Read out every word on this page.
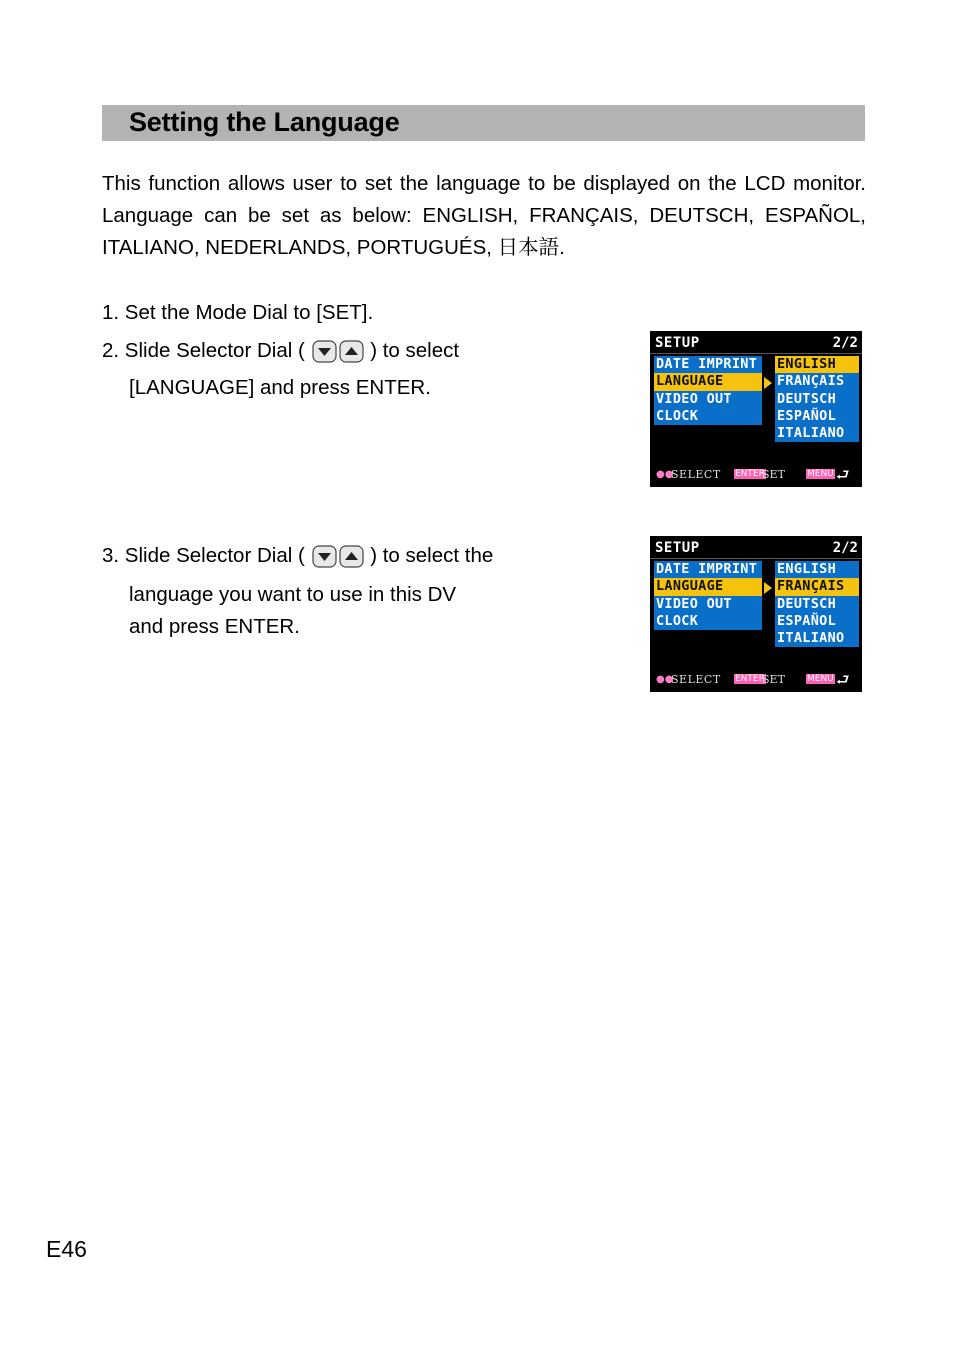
Setting the Language
This function allows user to set the language to be displayed on the LCD monitor.
Language can be set as below: ENGLISH, FRANÇAIS, DEUTSCH, ESPAÑOL,
ITALIANO, NEDERLANDS, PORTUGUÉS, 日本語.
1. Set the Mode Dial to [SET].
2. Slide Selector Dial (	) to select
[LANGUAGE] and press ENTER.
SETUP	2/2
DATE IMPRINT
LANGUAGE
VIDEO OUT
CLOCK
ENGLISH
FRANÇAIS
DEUTSCH
ESPAÑOL
ITALIANO
●●
SELECT ENTER
SET MENU ⮐
3. Slide Selector Dial (	) to select the
language you want to use in this DV
and press ENTER.
SETUP	2/2
DATE IMPRINT
LANGUAGE
VIDEO OUT
CLOCK
ENGLISH
FRANÇAIS
DEUTSCH
ESPAÑOL
ITALIANO
●●
SELECT ENTER
SET MENU ⮐
E46
